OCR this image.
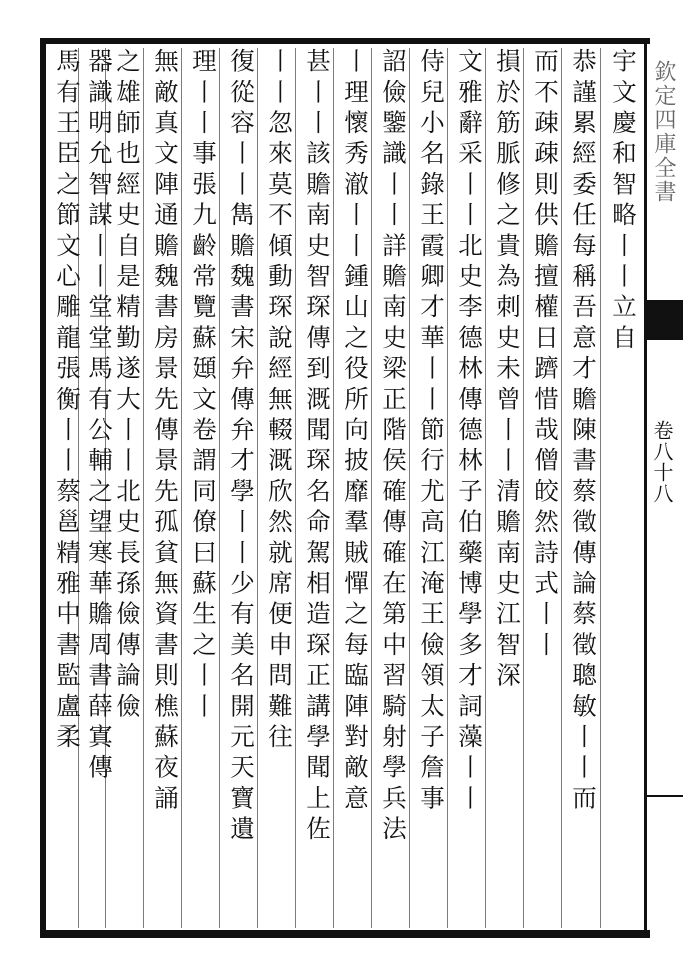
欽定四庫全書
卷八十八
宇文慶和智略丨丨立自
恭謹累經委任每稱吾意才贍陳書蔡徵傳論蔡徵聰敏丨丨而
而不疎疎則供贍擅權日躋惜哉僧皎然詩式丨丨
損於筋脈修之貴為刺史未曾丨丨清贍南史江智深
文雅辭采丨丨北史李德林傳德林子伯藥博學多才詞藻丨丨
侍兒小名錄王霞卿才華丨丨節行尤高江淹王儉領太子詹事
詔儉鑒識丨丨詳贍南史梁正階侯確傳確在第中習騎射學兵法
丨理懷秀澈丨丨鍾山之役所向披靡羣賊憚之每臨陣對敵意
甚丨丨該贍南史智琛傳到溉聞琛名命駕相造琛正講學聞上佐
丨丨忽來莫不傾動琛說經無輟溉欣然就席便申問難往
復從容丨丨雋贍魏書宋弁傳弁才學丨丨少有美名開元天寶遺
理丨丨事張九齡常覽蘇頲文卷謂同僚曰蘇生之丨丨
無敵真文陣通贍魏書房景先傳景先孤貧無資書則樵蘇夜誦
之雄師也經史自是精勤遂大丨丨北史長孫儉傳論儉
器識明允智謀丨丨堂堂馬有公輔之望寒華贍周書薛寘傳
馬有王臣之節文心雕龍張衡丨丨蔡邕精雅中書監盧柔
